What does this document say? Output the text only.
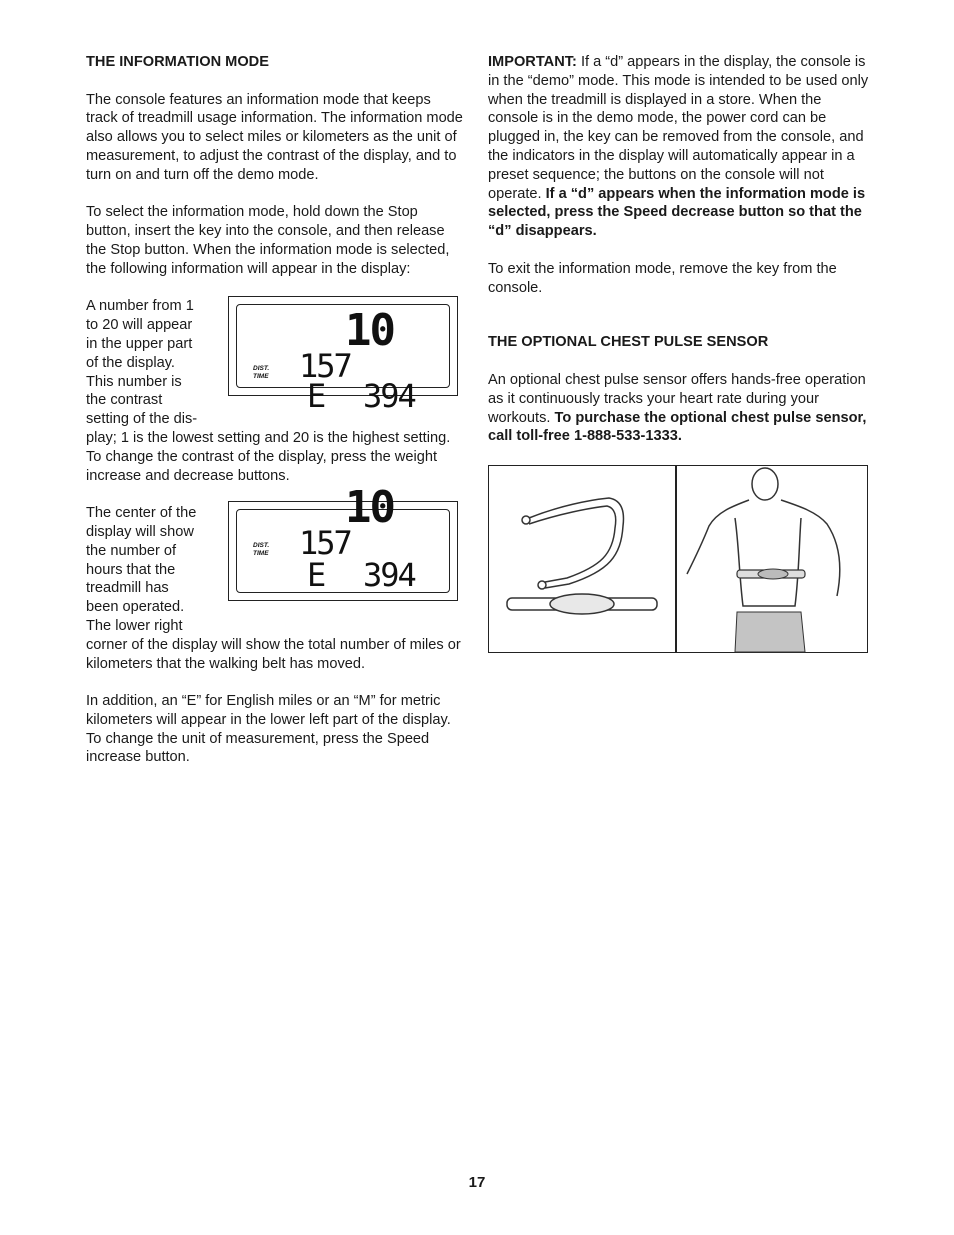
THE INFORMATION MODE

The console features an information mode that keeps track of treadmill usage information. The information mode also allows you to select miles or kilometers as the unit of measurement, to adjust the contrast of the display, and to turn on and turn off the demo mode.

To select the information mode, hold down the Stop button, insert the key into the console, and then release the Stop button. When the information mode is selected, the following information will appear in the display:

A number from 1 to 20 will appear in the upper part of the display. This number is the contrast setting of the dis-
10
DIST.
TIME 157
E 394

play; 1 is the lowest setting and 20 is the highest setting. To change the contrast of the display, press the weight increase and decrease buttons.

The center of the display will show the number of hours that the treadmill has been operated. The lower right
10
DIST.
TIME 157
E 394

corner of the display will show the total number of miles or kilometers that the walking belt has moved.

In addition, an “E” for English miles or an “M” for metric kilometers will appear in the lower left part of the display. To change the unit of measurement, press the Speed increase button.

IMPORTANT: If a “d” appears in the display, the console is in the “demo” mode. This mode is intended to be used only when the treadmill is displayed in a store. When the console is in the demo mode, the power cord can be plugged in, the key can be removed from the console, and the indicators in the display will automatically appear in a preset sequence; the buttons on the console will not operate. If a “d” appears when the information mode is selected, press the Speed decrease button so that the “d” disappears.

To exit the information mode, remove the key from the console.

THE OPTIONAL CHEST PULSE SENSOR

An optional chest pulse sensor offers hands-free operation as it continuously tracks your heart rate during your workouts. To purchase the optional chest pulse sensor, call toll-free 1-888-533-1333.

17
